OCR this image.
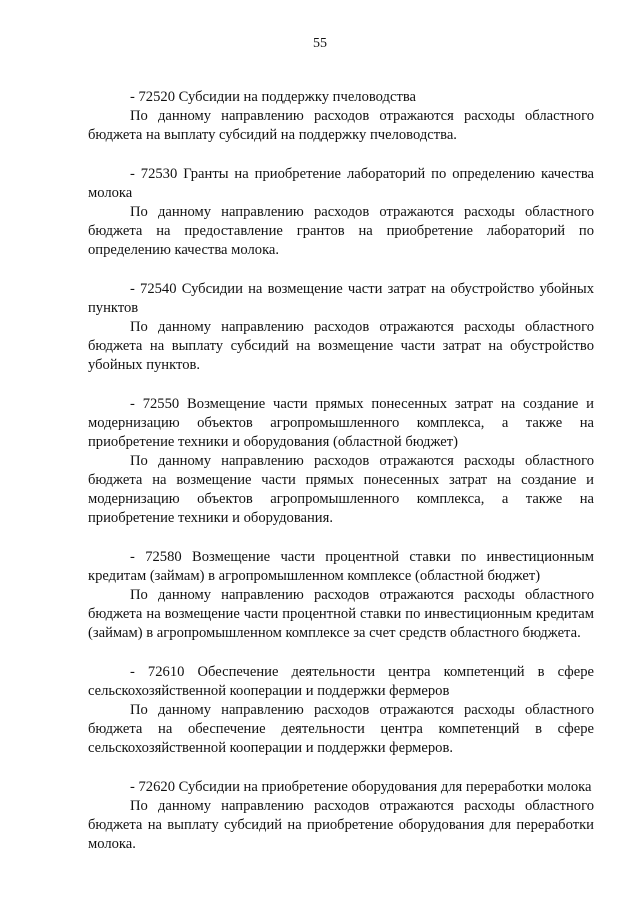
55

- 72520 Субсидии на поддержку пчеловодства

По данному направлению расходов отражаются расходы областного бюджета на выплату субсидий на поддержку пчеловодства.

- 72530 Гранты на приобретение лабораторий по определению качества молока

По данному направлению расходов отражаются расходы областного бюджета на предоставление грантов на приобретение лабораторий по определению качества молока.

- 72540 Субсидии на возмещение части затрат на обустройство убойных пунктов

По данному направлению расходов отражаются расходы областного бюджета на выплату субсидий на возмещение части затрат на обустройство убойных пунктов.

- 72550 Возмещение части прямых понесенных затрат на создание и модернизацию объектов агропромышленного комплекса, а также на приобретение техники и оборудования (областной бюджет)

По данному направлению расходов отражаются расходы областного бюджета на возмещение части прямых понесенных затрат на создание и модернизацию объектов агропромышленного комплекса, а также на приобретение техники и оборудования.

- 72580 Возмещение части процентной ставки по инвестиционным кредитам (займам) в агропромышленном комплексе (областной бюджет)

По данному направлению расходов отражаются расходы областного бюджета на возмещение части процентной ставки по инвестиционным кредитам (займам) в агропромышленном комплексе за счет средств областного бюджета.

- 72610 Обеспечение деятельности центра компетенций в сфере сельскохозяйственной кооперации и поддержки фермеров

По данному направлению расходов отражаются расходы областного бюджета на обеспечение деятельности центра компетенций в сфере сельскохозяйственной кооперации и поддержки фермеров.

- 72620 Субсидии на приобретение оборудования для переработки молока

По данному направлению расходов отражаются расходы областного бюджета на выплату субсидий на приобретение оборудования для переработки молока.
